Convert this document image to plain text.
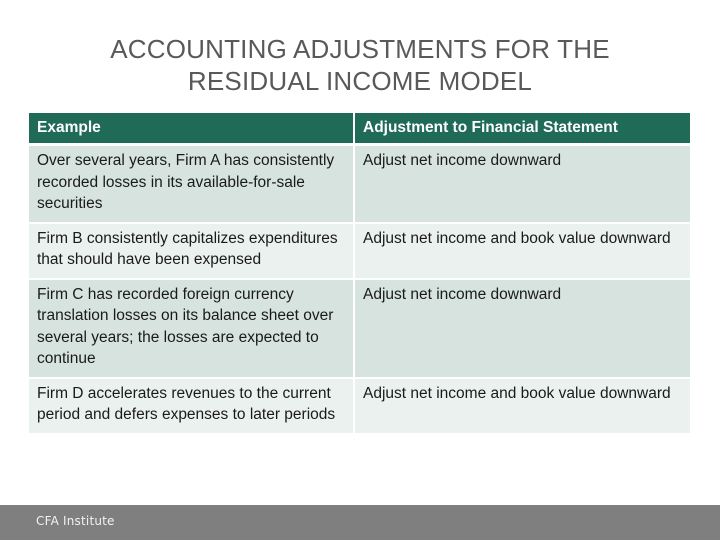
ACCOUNTING ADJUSTMENTS FOR THE
RESIDUAL INCOME MODEL
Example	Adjustment to Financial Statement
Over several years, Firm A has consistently recorded losses in its available-for-sale securities	Adjust net income downward
Firm B consistently capitalizes expenditures that should have been expensed	Adjust net income and book value downward
Firm C has recorded foreign currency translation losses on its balance sheet over several years; the losses are expected to continue	Adjust net income downward
Firm D accelerates revenues to the current period and defers expenses to later periods	Adjust net income and book value downward
CFA Institute
